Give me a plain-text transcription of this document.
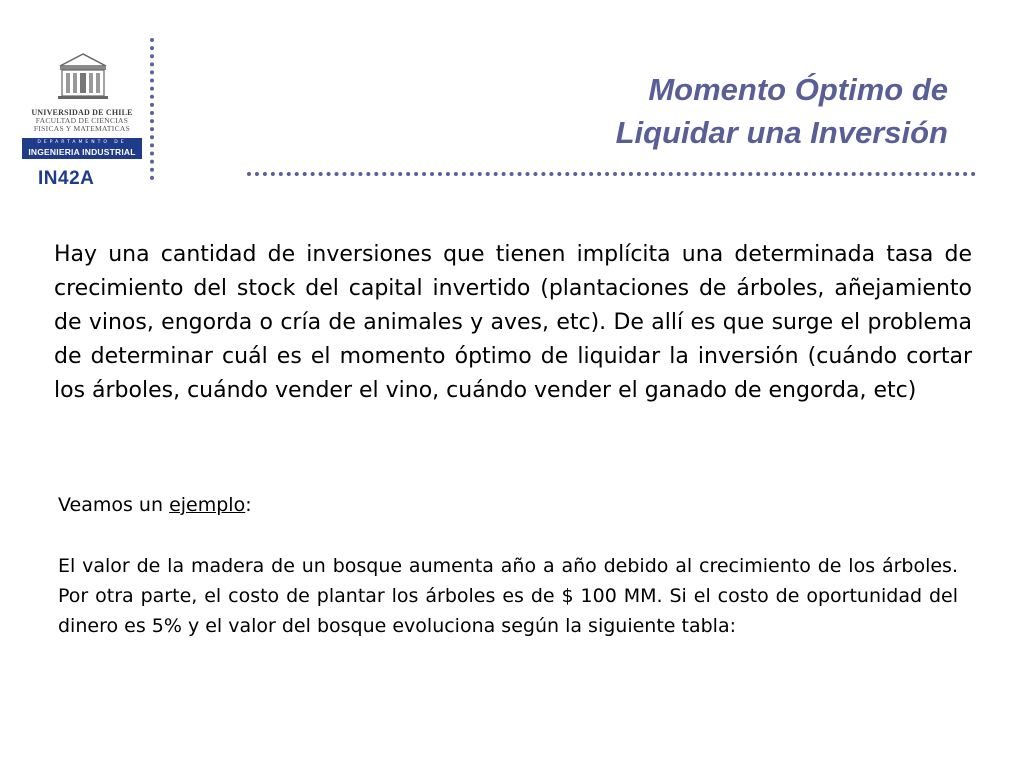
UNIVERSIDAD DE CHILE
FACULTAD DE CIENCIAS
FISICAS Y MATEMATICAS
DEPARTAMENTO DE
INGENIERIA INDUSTRIAL
IN42A
Momento Óptimo de
Liquidar una Inversión

Hay una cantidad de inversiones que tienen implícita una determinada tasa de crecimiento del stock del capital invertido (plantaciones de árboles, añejamiento de vinos, engorda o cría de animales y aves, etc). De allí es que surge el problema de determinar cuál es el momento óptimo de liquidar la inversión (cuándo cortar los árboles, cuándo vender el vino, cuándo vender el ganado de engorda, etc)

Veamos un ejemplo:

El valor de la madera de un bosque aumenta año a año debido al crecimiento de los árboles. Por otra parte, el costo de plantar los árboles es de $ 100 MM. Si el costo de oportunidad del dinero es 5% y el valor del bosque evoluciona según la siguiente tabla:
